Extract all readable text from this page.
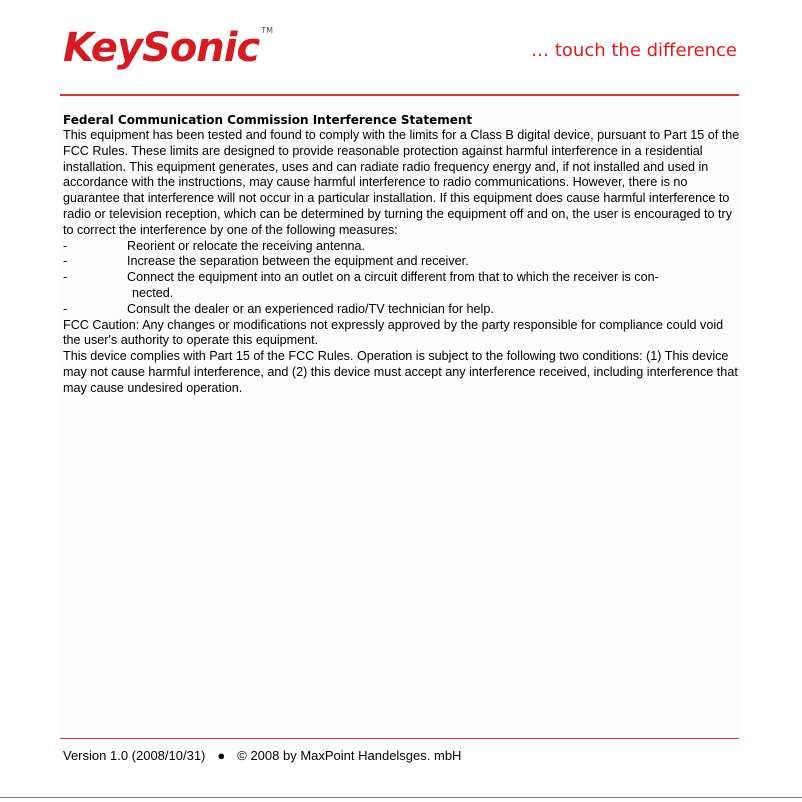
KeySonic ™
… touch the difference

Federal Communication Commission Interference Statement

This equipment has been tested and found to comply with the limits for a Class B digital device, pursuant to Part 15 of the FCC Rules. These limits are designed to provide reasonable protection against harmful interference in a residential installation. This equipment generates, uses and can radiate radio frequency energy and, if not installed and used in accordance with the instructions, may cause harmful interference to radio communications. However, there is no guarantee that interference will not occur in a particular installation. If this equipment does cause harmful interference to radio or television reception, which can be determined by turning the equipment off and on, the user is encouraged to try to correct the interference by one of the following measures:

-	Reorient or relocate the receiving antenna.
-	Increase the separation between the equipment and receiver.
-	Connect the equipment into an outlet on a circuit different from that to which the receiver is con-
nected.
-	Consult the dealer or an experienced radio/TV technician for help.

FCC Caution: Any changes or modifications not expressly approved by the party responsible for compliance could void the user's authority to operate this equipment.

This device complies with Part 15 of the FCC Rules. Operation is subject to the following two conditions: (1) This device may not cause harmful interference, and (2) this device must accept any interference received, including interference that may cause undesired operation.

Version 1.0 (2008/10/31) ● © 2008 by MaxPoint Handelsges. mbH
